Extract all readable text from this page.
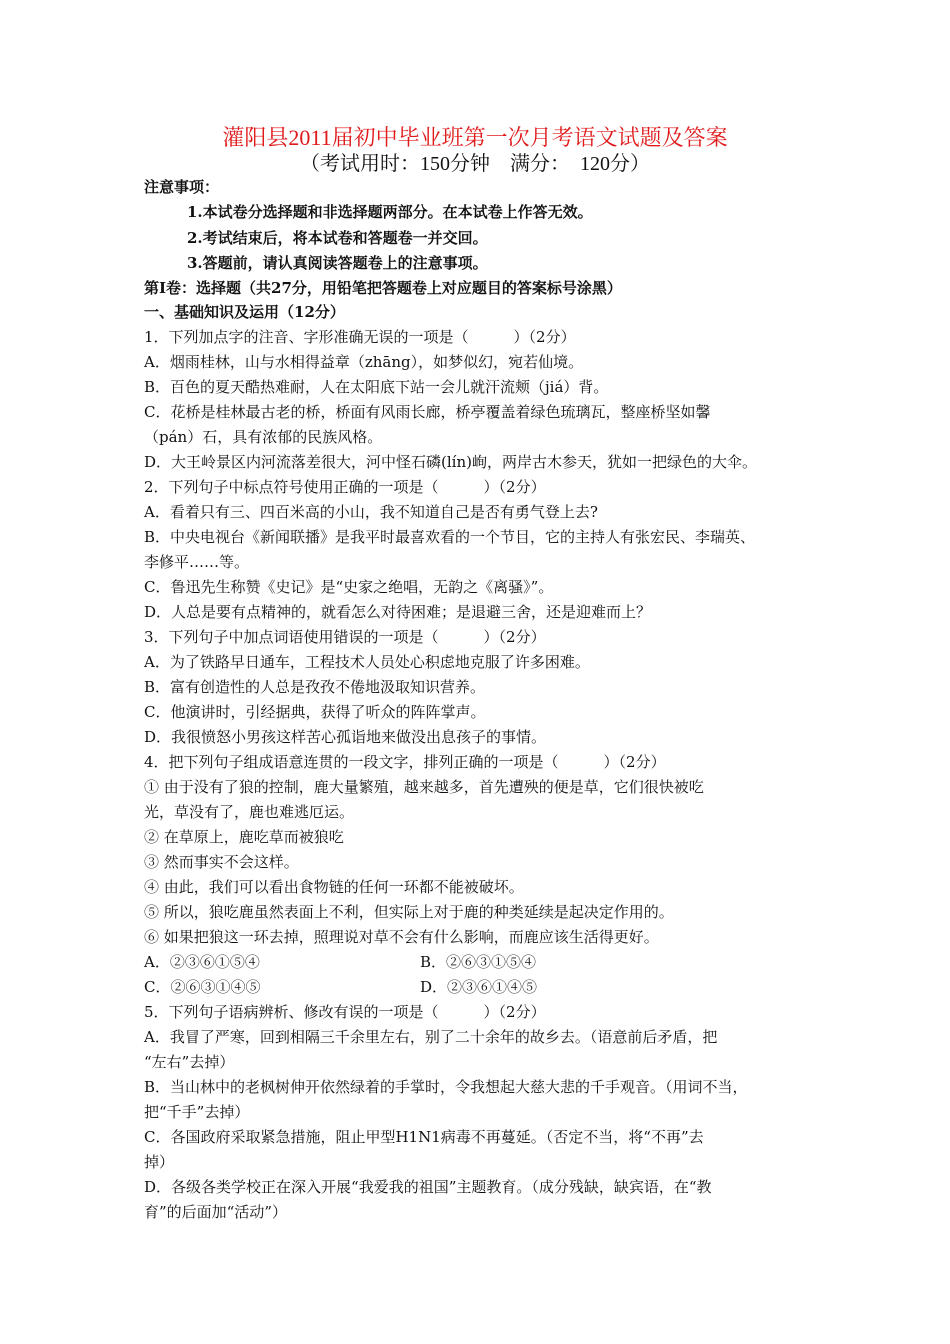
灌阳县2011届初中毕业班第一次月考语文试题及答案
（考试用时：150分钟　满分：　120分）
注意事项：
1.本试卷分选择题和非选择题两部分。在本试卷上作答无效。
2.考试结束后，将本试卷和答题卷一并交回。
3.答题前，请认真阅读答题卷上的注意事项。
第Ⅰ卷：选择题（共27分，用铅笔把答题卷上对应题目的答案标号涂黑）
一、基础知识及运用（12分）
1．下列加点字的注音、字形准确无误的一项是（　　　）（2分）
A．烟雨桂林，山与水相得益章（zhāng），如梦似幻，宛若仙境。
B．百色的夏天酷热难耐，人在太阳底下站一会儿就汗流颊（jiá）背。
C．花桥是桂林最古老的桥，桥面有风雨长廊，桥亭覆盖着绿色琉璃瓦，整座桥坚如馨
（pán）石，具有浓郁的民族风格。
D．大王岭景区内河流落差很大，河中怪石磷(lín)峋，两岸古木参天，犹如一把绿色的大伞。
2．下列句子中标点符号使用正确的一项是（　　　）（2分）
A．看着只有三、四百米高的小山，我不知道自己是否有勇气登上去?
B．中央电视台《新闻联播》是我平时最喜欢看的一个节目，它的主持人有张宏民、李瑞英、
李修平……等。
C．鲁迅先生称赞《史记》是“史家之绝唱，无韵之《离骚》”。
D．人总是要有点精神的，就看怎么对待困难；是退避三舍，还是迎难而上？
3．下列句子中加点词语使用错误的一项是（　　　）（2分）
A．为了铁路早日通车，工程技术人员处心积虑地克服了许多困难。
B．富有创造性的人总是孜孜不倦地汲取知识营养。
C．他演讲时，引经据典，获得了听众的阵阵掌声。
D．我很愤怒小男孩这样苦心孤诣地来做没出息孩子的事情。
4．把下列句子组成语意连贯的一段文字，排列正确的一项是（　　　）（2分）
① 由于没有了狼的控制，鹿大量繁殖，越来越多，首先遭殃的便是草，它们很快被吃
光，草没有了，鹿也难逃厄运。
② 在草原上，鹿吃草而被狼吃
③ 然而事实不会这样。
④ 由此，我们可以看出食物链的任何一环都不能被破坏。
⑤ 所以，狼吃鹿虽然表面上不利，但实际上对于鹿的种类延续是起决定作用的。
⑥ 如果把狼这一环去掉，照理说对草不会有什么影响，而鹿应该生活得更好。
A．②③⑥①⑤④	B．②⑥③①⑤④
C．②⑥③①④⑤	D．②③⑥①④⑤
5．下列句子语病辨析、修改有误的一项是（　　　）（2分）
A．我冒了严寒，回到相隔三千余里左右，别了二十余年的故乡去。（语意前后矛盾，把
“左右”去掉）
B．当山林中的老枫树伸开依然绿着的手掌时，令我想起大慈大悲的千手观音。（用词不当，
把“千手”去掉）
C．各国政府采取紧急措施，阻止甲型H1N1病毒不再蔓延。（否定不当，将“不再”去
掉）
D．各级各类学校正在深入开展“我爱我的祖国”主题教育。（成分残缺，缺宾语，在“教
育”的后面加“活动”）
